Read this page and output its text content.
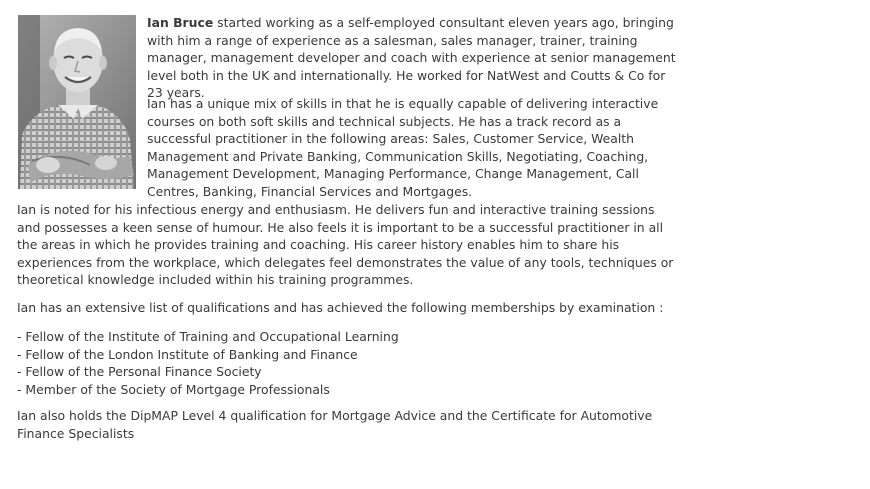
Ian Bruce started working as a self-employed consultant eleven years ago, bringing with him a range of experience as a salesman, sales manager, trainer, training manager, management developer and coach with experience at senior management level both in the UK and internationally. He worked for NatWest and Coutts & Co for 23 years.

Ian has a unique mix of skills in that he is equally capable of delivering interactive courses on both soft skills and technical subjects. He has a track record as a successful practitioner in the following areas: Sales, Customer Service, Wealth Management and Private Banking, Communication Skills, Negotiating, Coaching, Management Development, Managing Performance, Change Management, Call Centres, Banking, Financial Services and Mortgages.

Ian is noted for his infectious energy and enthusiasm. He delivers fun and interactive training sessions and possesses a keen sense of humour. He also feels it is important to be a successful practitioner in all the areas in which he provides training and coaching. His career history enables him to share his experiences from the workplace, which delegates feel demonstrates the value of any tools, techniques or theoretical knowledge included within his training programmes.

Ian has an extensive list of qualifications and has achieved the following memberships by examination :

- Fellow of the Institute of Training and Occupational Learning
- Fellow of the London Institute of Banking and Finance
- Fellow of the Personal Finance Society
- Member of the Society of Mortgage Professionals

Ian also holds the DipMAP Level 4 qualification for Mortgage Advice and the Certificate for Automotive Finance Specialists
